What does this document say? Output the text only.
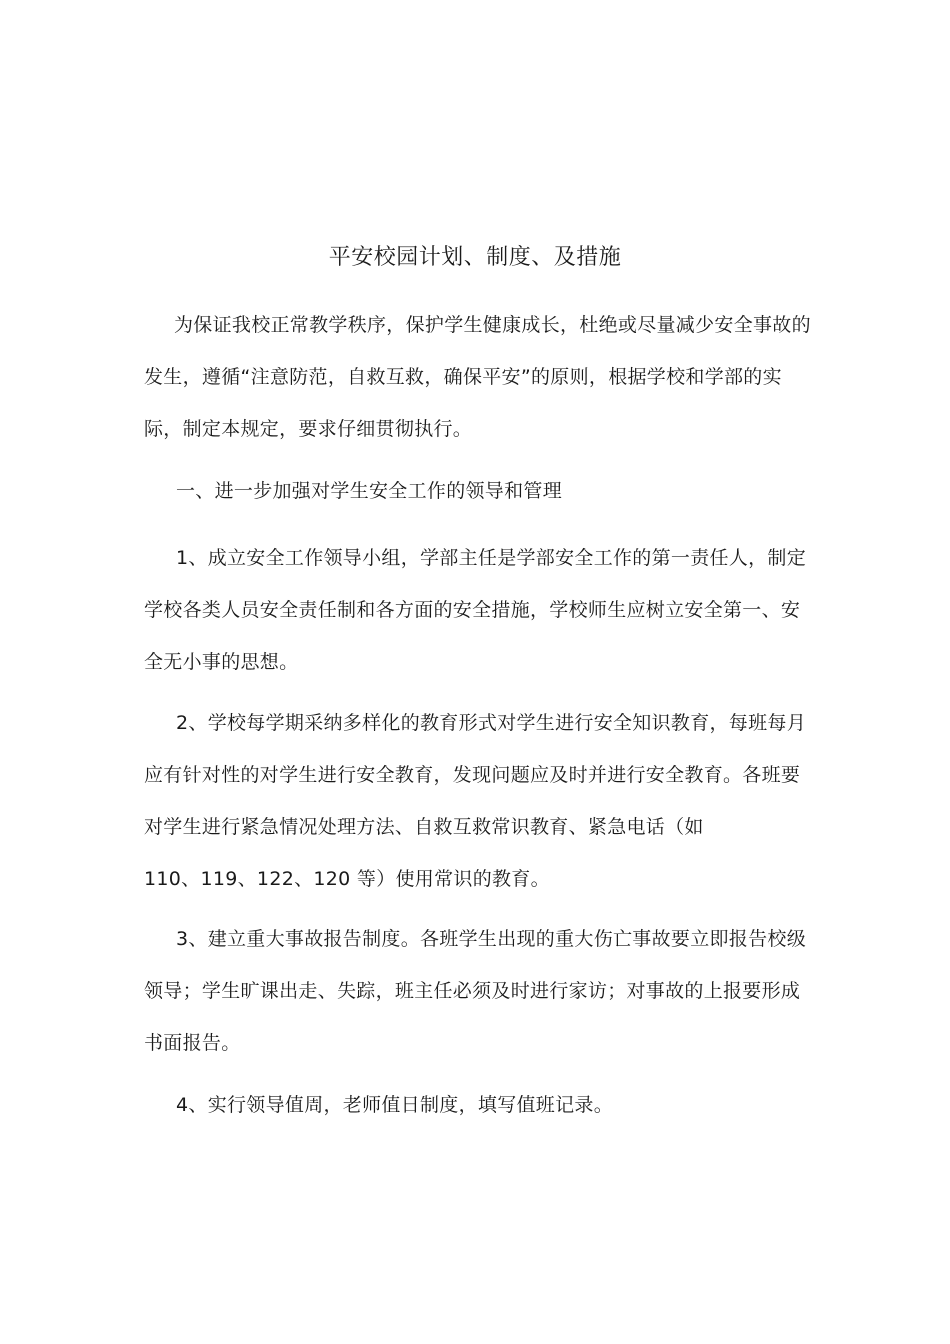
平安校园计划、制度、及措施

为保证我校正常教学秩序，保护学生健康成长，杜绝或尽量减少安全事故的
发生，遵循“注意防范，自救互救，确保平安”的原则，根据学校和学部的实
际，制定本规定，要求仔细贯彻执行。

一、进一步加强对学生安全工作的领导和管理

1、成立安全工作领导小组，学部主任是学部安全工作的第一责任人，制定
学校各类人员安全责任制和各方面的安全措施，学校师生应树立安全第一、安
全无小事的思想。

2、学校每学期采纳多样化的教育形式对学生进行安全知识教育，每班每月
应有针对性的对学生进行安全教育，发现问题应及时并进行安全教育。各班要
对学生进行紧急情况处理方法、自救互救常识教育、紧急电话（如
110、119、122、120 等）使用常识的教育。

3、建立重大事故报告制度。各班学生出现的重大伤亡事故要立即报告校级
领导；学生旷课出走、失踪，班主任必须及时进行家访；对事故的上报要形成
书面报告。

4、实行领导值周，老师值日制度，填写值班记录。
